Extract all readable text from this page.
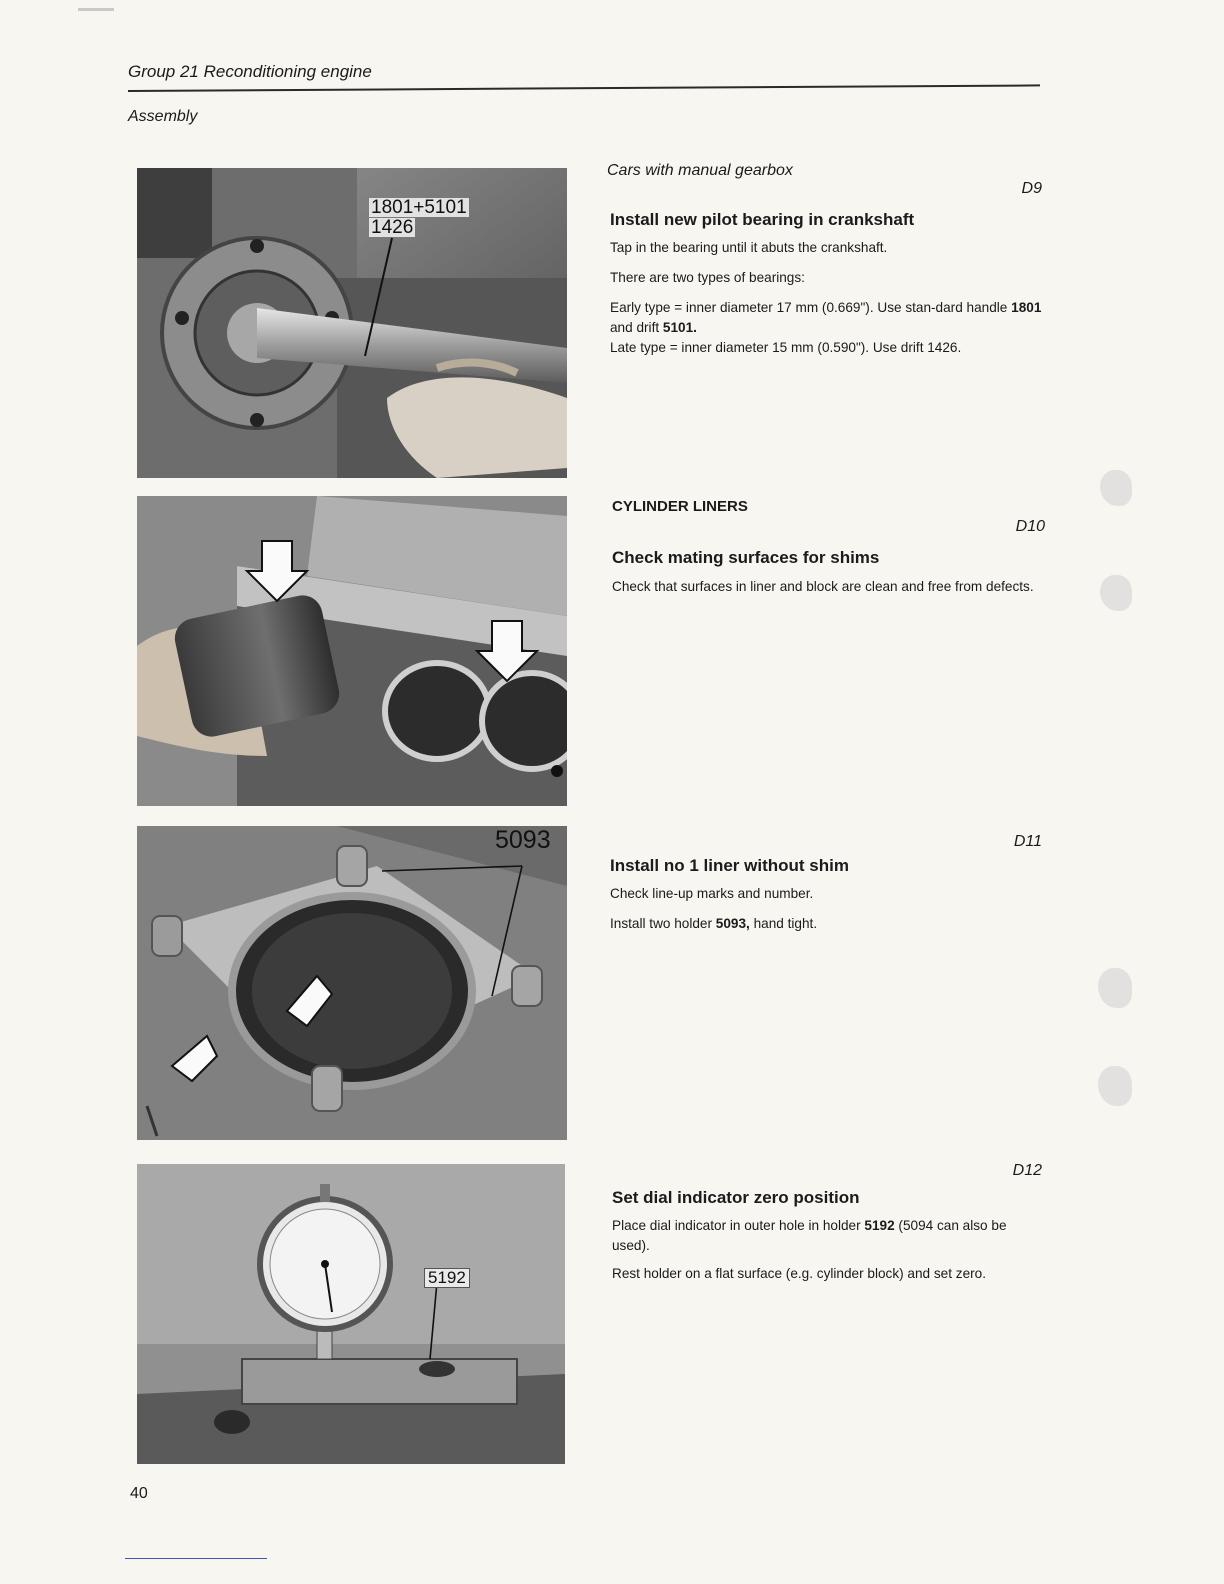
Group 21 Reconditioning engine
Assembly
1801+5101
1426
5093
5192
Cars with manual gearbox
D9
Install new pilot bearing in crankshaft
Tap in the bearing until it abuts the crankshaft.
There are two types of bearings:
Early type = inner diameter 17 mm (0.669"). Use stan-dard handle 1801 and drift 5101.
Late type = inner diameter 15 mm (0.590"). Use drift 1426.
CYLINDER LINERS
D10
Check mating surfaces for shims
Check that surfaces in liner and block are clean and free from defects.
D11
Install no 1 liner without shim
Check line-up marks and number.
Install two holder 5093, hand tight.
D12
Set dial indicator zero position
Place dial indicator in outer hole in holder 5192 (5094 can also be used).
Rest holder on a flat surface (e.g. cylinder block) and set zero.
40
